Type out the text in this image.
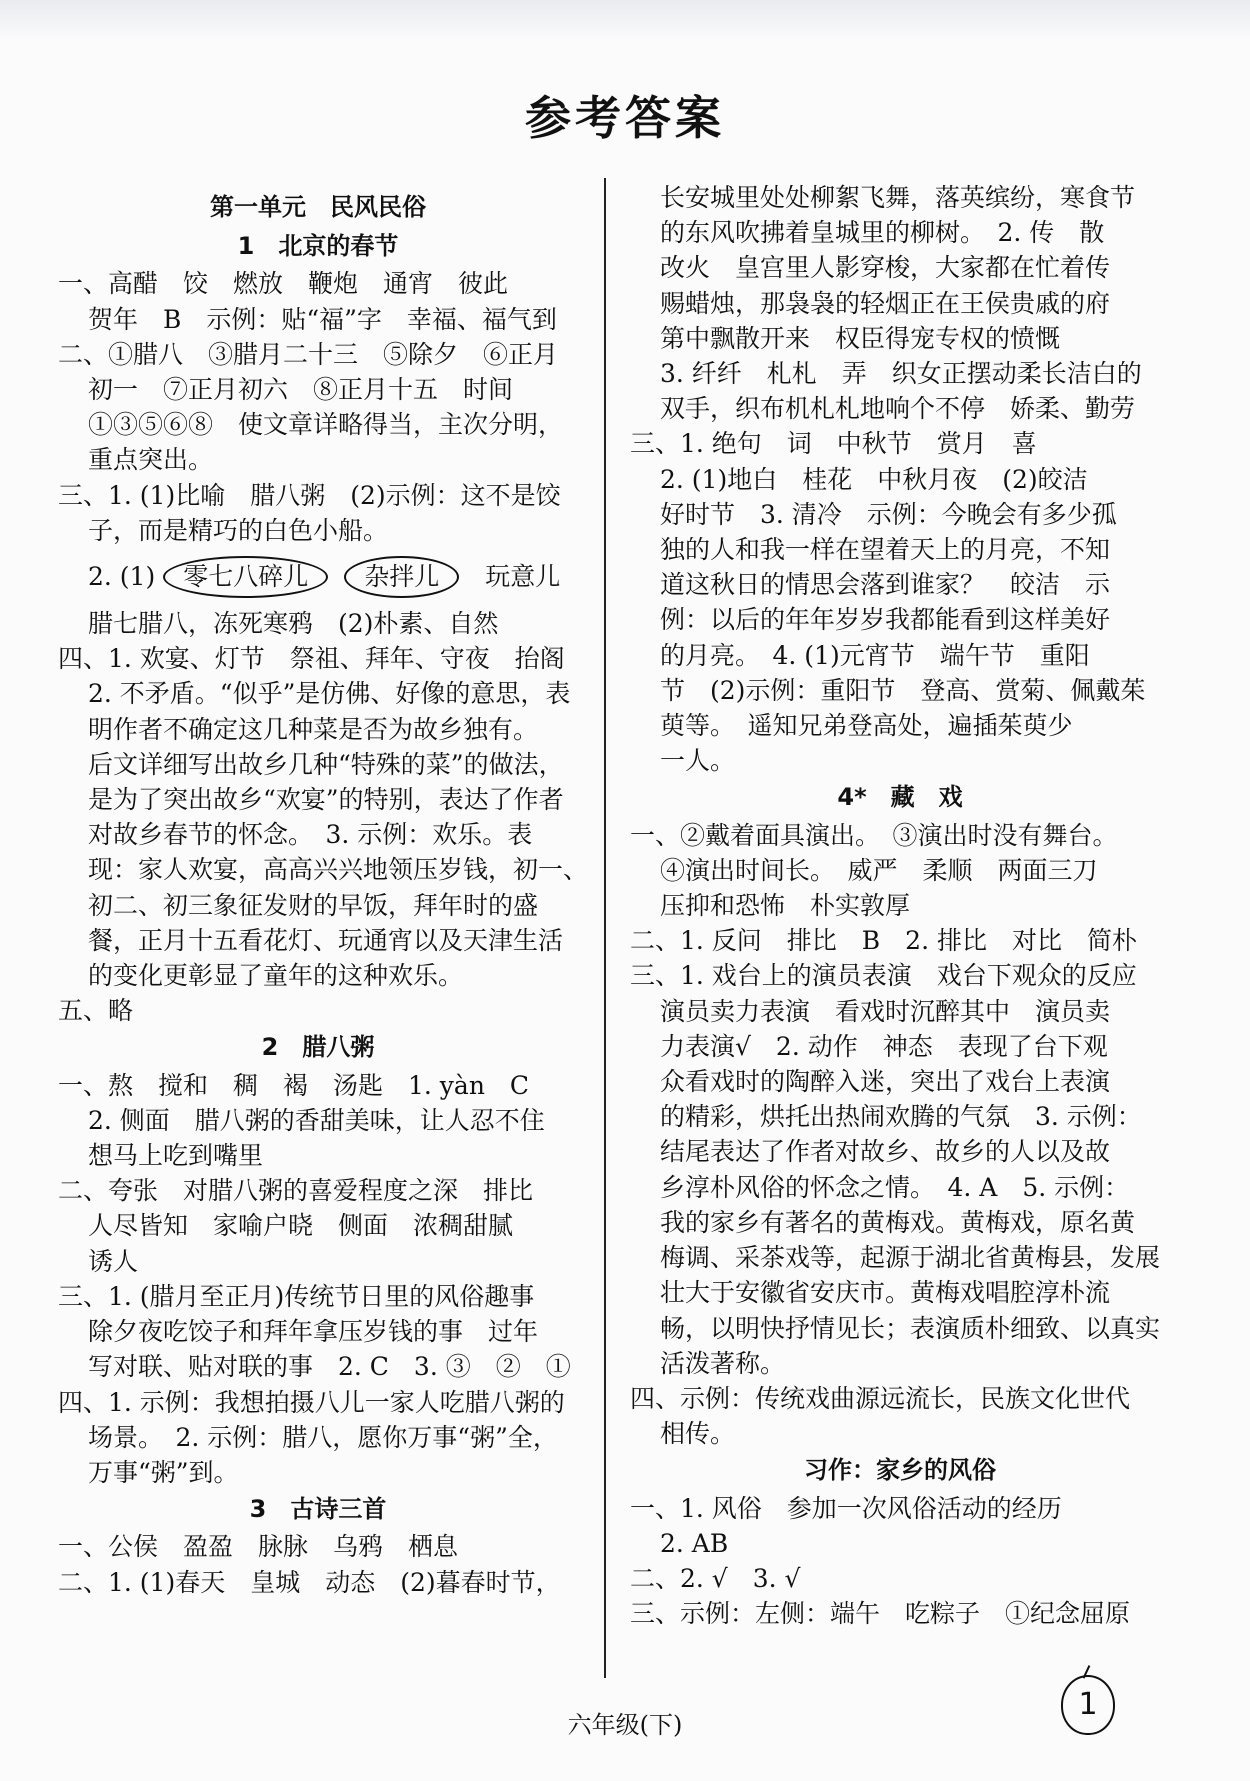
参考答案
第一单元　民风民俗
1　北京的春节
一、高醋　饺　燃放　鞭炮　通宵　彼此
贺年　B　示例：贴“福”字　幸福、福气到
二、①腊八　③腊月二十三　⑤除夕　⑥正月
初一　⑦正月初六　⑧正月十五　时间
①③⑤⑥⑧　使文章详略得当，主次分明，
重点突出。
三、1. (1)比喻　腊八粥　(2)示例：这不是饺
子，而是精巧的白色小船。
2. (1)	零七八碎儿	杂拌儿	玩意儿
腊七腊八，冻死寒鸦　(2)朴素、自然
四、1. 欢宴、灯节　祭祖、拜年、守夜　抬阁
2. 不矛盾。“似乎”是仿佛、好像的意思，表
明作者不确定这几种菜是否为故乡独有。
后文详细写出故乡几种“特殊的菜”的做法，
是为了突出故乡“欢宴”的特别，表达了作者
对故乡春节的怀念。　3. 示例：欢乐。表
现：家人欢宴，高高兴兴地领压岁钱，初一、
初二、初三象征发财的早饭，拜年时的盛
餐，正月十五看花灯、玩通宵以及天津生活
的变化更彰显了童年的这种欢乐。
五、略
2　腊八粥
一、熬　搅和　稠　褐　汤匙　1. yàn　C
2. 侧面　腊八粥的香甜美味，让人忍不住
想马上吃到嘴里
二、夸张　对腊八粥的喜爱程度之深　排比
人尽皆知　家喻户晓　侧面　浓稠甜腻
诱人
三、1. (腊月至正月)传统节日里的风俗趣事
除夕夜吃饺子和拜年拿压岁钱的事　过年
写对联、贴对联的事　2. C　3. ③　②　①
四、1. 示例：我想拍摄八儿一家人吃腊八粥的
场景。　2. 示例：腊八，愿你万事“粥”全，
万事“粥”到。
3　古诗三首
一、公侯　盈盈　脉脉　乌鸦　栖息
二、1. (1)春天　皇城　动态　(2)暮春时节，
长安城里处处柳絮飞舞，落英缤纷，寒食节
的东风吹拂着皇城里的柳树。　2. 传　散
改火　皇宫里人影穿梭，大家都在忙着传
赐蜡烛，那袅袅的轻烟正在王侯贵戚的府
第中飘散开来　权臣得宠专权的愤慨
3. 纤纤　札札　弄　织女正摆动柔长洁白的
双手，织布机札札地响个不停　娇柔、勤劳
三、1. 绝句　词　中秋节　赏月　喜
2. (1)地白　桂花　中秋月夜　(2)皎洁
好时节　3. 清冷　示例：今晚会有多少孤
独的人和我一样在望着天上的月亮，不知
道这秋日的情思会落到谁家？　皎洁　示
例：以后的年年岁岁我都能看到这样美好
的月亮。　4. (1)元宵节　端午节　重阳
节　(2)示例：重阳节　登高、赏菊、佩戴茱
萸等。　遥知兄弟登高处，遍插茱萸少
一人。
4*　藏　戏
一、②戴着面具演出。　③演出时没有舞台。
④演出时间长。　威严　柔顺　两面三刀
压抑和恐怖　朴实敦厚
二、1. 反问　排比　B　2. 排比　对比　简朴
三、1. 戏台上的演员表演　戏台下观众的反应
演员卖力表演　看戏时沉醉其中　演员卖
力表演√　2. 动作　神态　表现了台下观
众看戏时的陶醉入迷，突出了戏台上表演
的精彩，烘托出热闹欢腾的气氛　3. 示例：
结尾表达了作者对故乡、故乡的人以及故
乡淳朴风俗的怀念之情。　4. A　5. 示例：
我的家乡有著名的黄梅戏。黄梅戏，原名黄
梅调、采茶戏等，起源于湖北省黄梅县，发展
壮大于安徽省安庆市。黄梅戏唱腔淳朴流
畅，以明快抒情见长；表演质朴细致、以真实
活泼著称。
四、示例：传统戏曲源远流长，民族文化世代
相传。
习作：家乡的风俗
一、1. 风俗　参加一次风俗活动的经历
2. AB
二、2. √　3. √
三、示例：左侧：端午　吃粽子　①纪念屈原
六年级(下)
1
